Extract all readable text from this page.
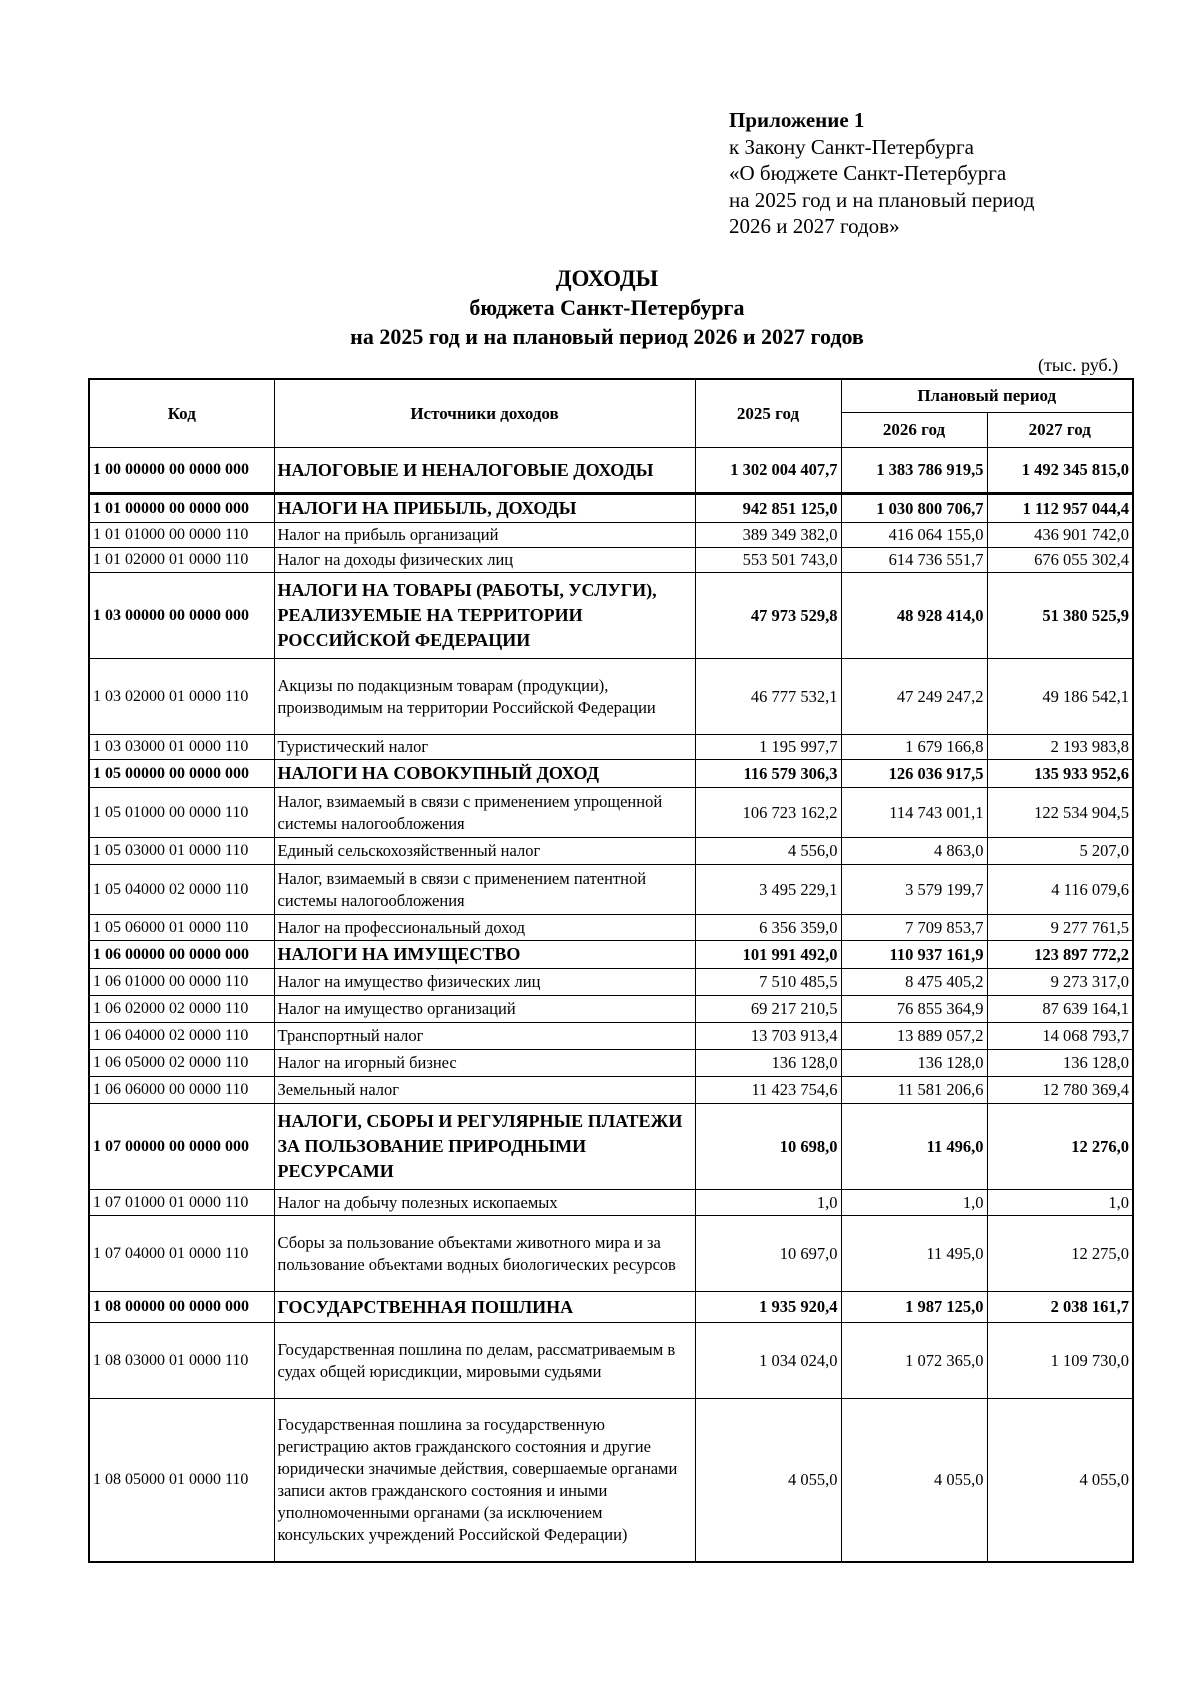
Приложение 1
к Закону Санкт-Петербурга
«О бюджете Санкт-Петербурга
на 2025 год и на плановый период
2026 и 2027 годов»
ДОХОДЫ
бюджета Санкт-Петербурга
на 2025 год и на плановый период 2026 и 2027 годов
(тыс. руб.)
Код	Источники доходов	2025 год	Плановый период	
			2026 год	2027 год
1 00 00000 00 0000 000	НАЛОГОВЫЕ И НЕНАЛОГОВЫЕ ДОХОДЫ	1 302 004 407,7	1 383 786 919,5	1 492 345 815,0
1 01 00000 00 0000 000	НАЛОГИ НА ПРИБЫЛЬ, ДОХОДЫ	942 851 125,0	1 030 800 706,7	1 112 957 044,4
1 01 01000 00 0000 110	Налог на прибыль организаций	389 349 382,0	416 064 155,0	436 901 742,0
1 01 02000 01 0000 110	Налог на доходы физических лиц	553 501 743,0	614 736 551,7	676 055 302,4
1 03 00000 00 0000 000	НАЛОГИ НА ТОВАРЫ (РАБОТЫ, УСЛУГИ), РЕАЛИЗУЕМЫЕ НА ТЕРРИТОРИИ РОССИЙСКОЙ ФЕДЕРАЦИИ	47 973 529,8	48 928 414,0	51 380 525,9
1 03 02000 01 0000 110	Акцизы по подакцизным товарам (продукции), производимым на территории Российской Федерации	46 777 532,1	47 249 247,2	49 186 542,1
1 03 03000 01 0000 110	Туристический налог	1 195 997,7	1 679 166,8	2 193 983,8
1 05 00000 00 0000 000	НАЛОГИ НА СОВОКУПНЫЙ ДОХОД	116 579 306,3	126 036 917,5	135 933 952,6
1 05 01000 00 0000 110	Налог, взимаемый в связи с применением упрощенной системы налогообложения	106 723 162,2	114 743 001,1	122 534 904,5
1 05 03000 01 0000 110	Единый сельскохозяйственный налог	4 556,0	4 863,0	5 207,0
1 05 04000 02 0000 110	Налог, взимаемый в связи с применением патентной системы налогообложения	3 495 229,1	3 579 199,7	4 116 079,6
1 05 06000 01 0000 110	Налог на профессиональный доход	6 356 359,0	7 709 853,7	9 277 761,5
1 06 00000 00 0000 000	НАЛОГИ НА ИМУЩЕСТВО	101 991 492,0	110 937 161,9	123 897 772,2
1 06 01000 00 0000 110	Налог на имущество физических лиц	7 510 485,5	8 475 405,2	9 273 317,0
1 06 02000 02 0000 110	Налог на имущество организаций	69 217 210,5	76 855 364,9	87 639 164,1
1 06 04000 02 0000 110	Транспортный налог	13 703 913,4	13 889 057,2	14 068 793,7
1 06 05000 02 0000 110	Налог на игорный бизнес	136 128,0	136 128,0	136 128,0
1 06 06000 00 0000 110	Земельный налог	11 423 754,6	11 581 206,6	12 780 369,4
1 07 00000 00 0000 000	НАЛОГИ, СБОРЫ И РЕГУЛЯРНЫЕ ПЛАТЕЖИ ЗА ПОЛЬЗОВАНИЕ ПРИРОДНЫМИ РЕСУРСАМИ	10 698,0	11 496,0	12 276,0
1 07 01000 01 0000 110	Налог на добычу полезных ископаемых	1,0	1,0	1,0
1 07 04000 01 0000 110	Сборы за пользование объектами животного мира и за пользование объектами водных биологических ресурсов	10 697,0	11 495,0	12 275,0
1 08 00000 00 0000 000	ГОСУДАРСТВЕННАЯ ПОШЛИНА	1 935 920,4	1 987 125,0	2 038 161,7
1 08 03000 01 0000 110	Государственная пошлина по делам, рассматриваемым в судах общей юрисдикции, мировыми судьями	1 034 024,0	1 072 365,0	1 109 730,0
1 08 05000 01 0000 110	Государственная пошлина за государственную регистрацию актов гражданского состояния и другие юридически значимые действия, совершаемые органами записи актов гражданского состояния и иными уполномоченными органами (за исключением консульских учреждений Российской Федерации)	4 055,0	4 055,0	4 055,0
